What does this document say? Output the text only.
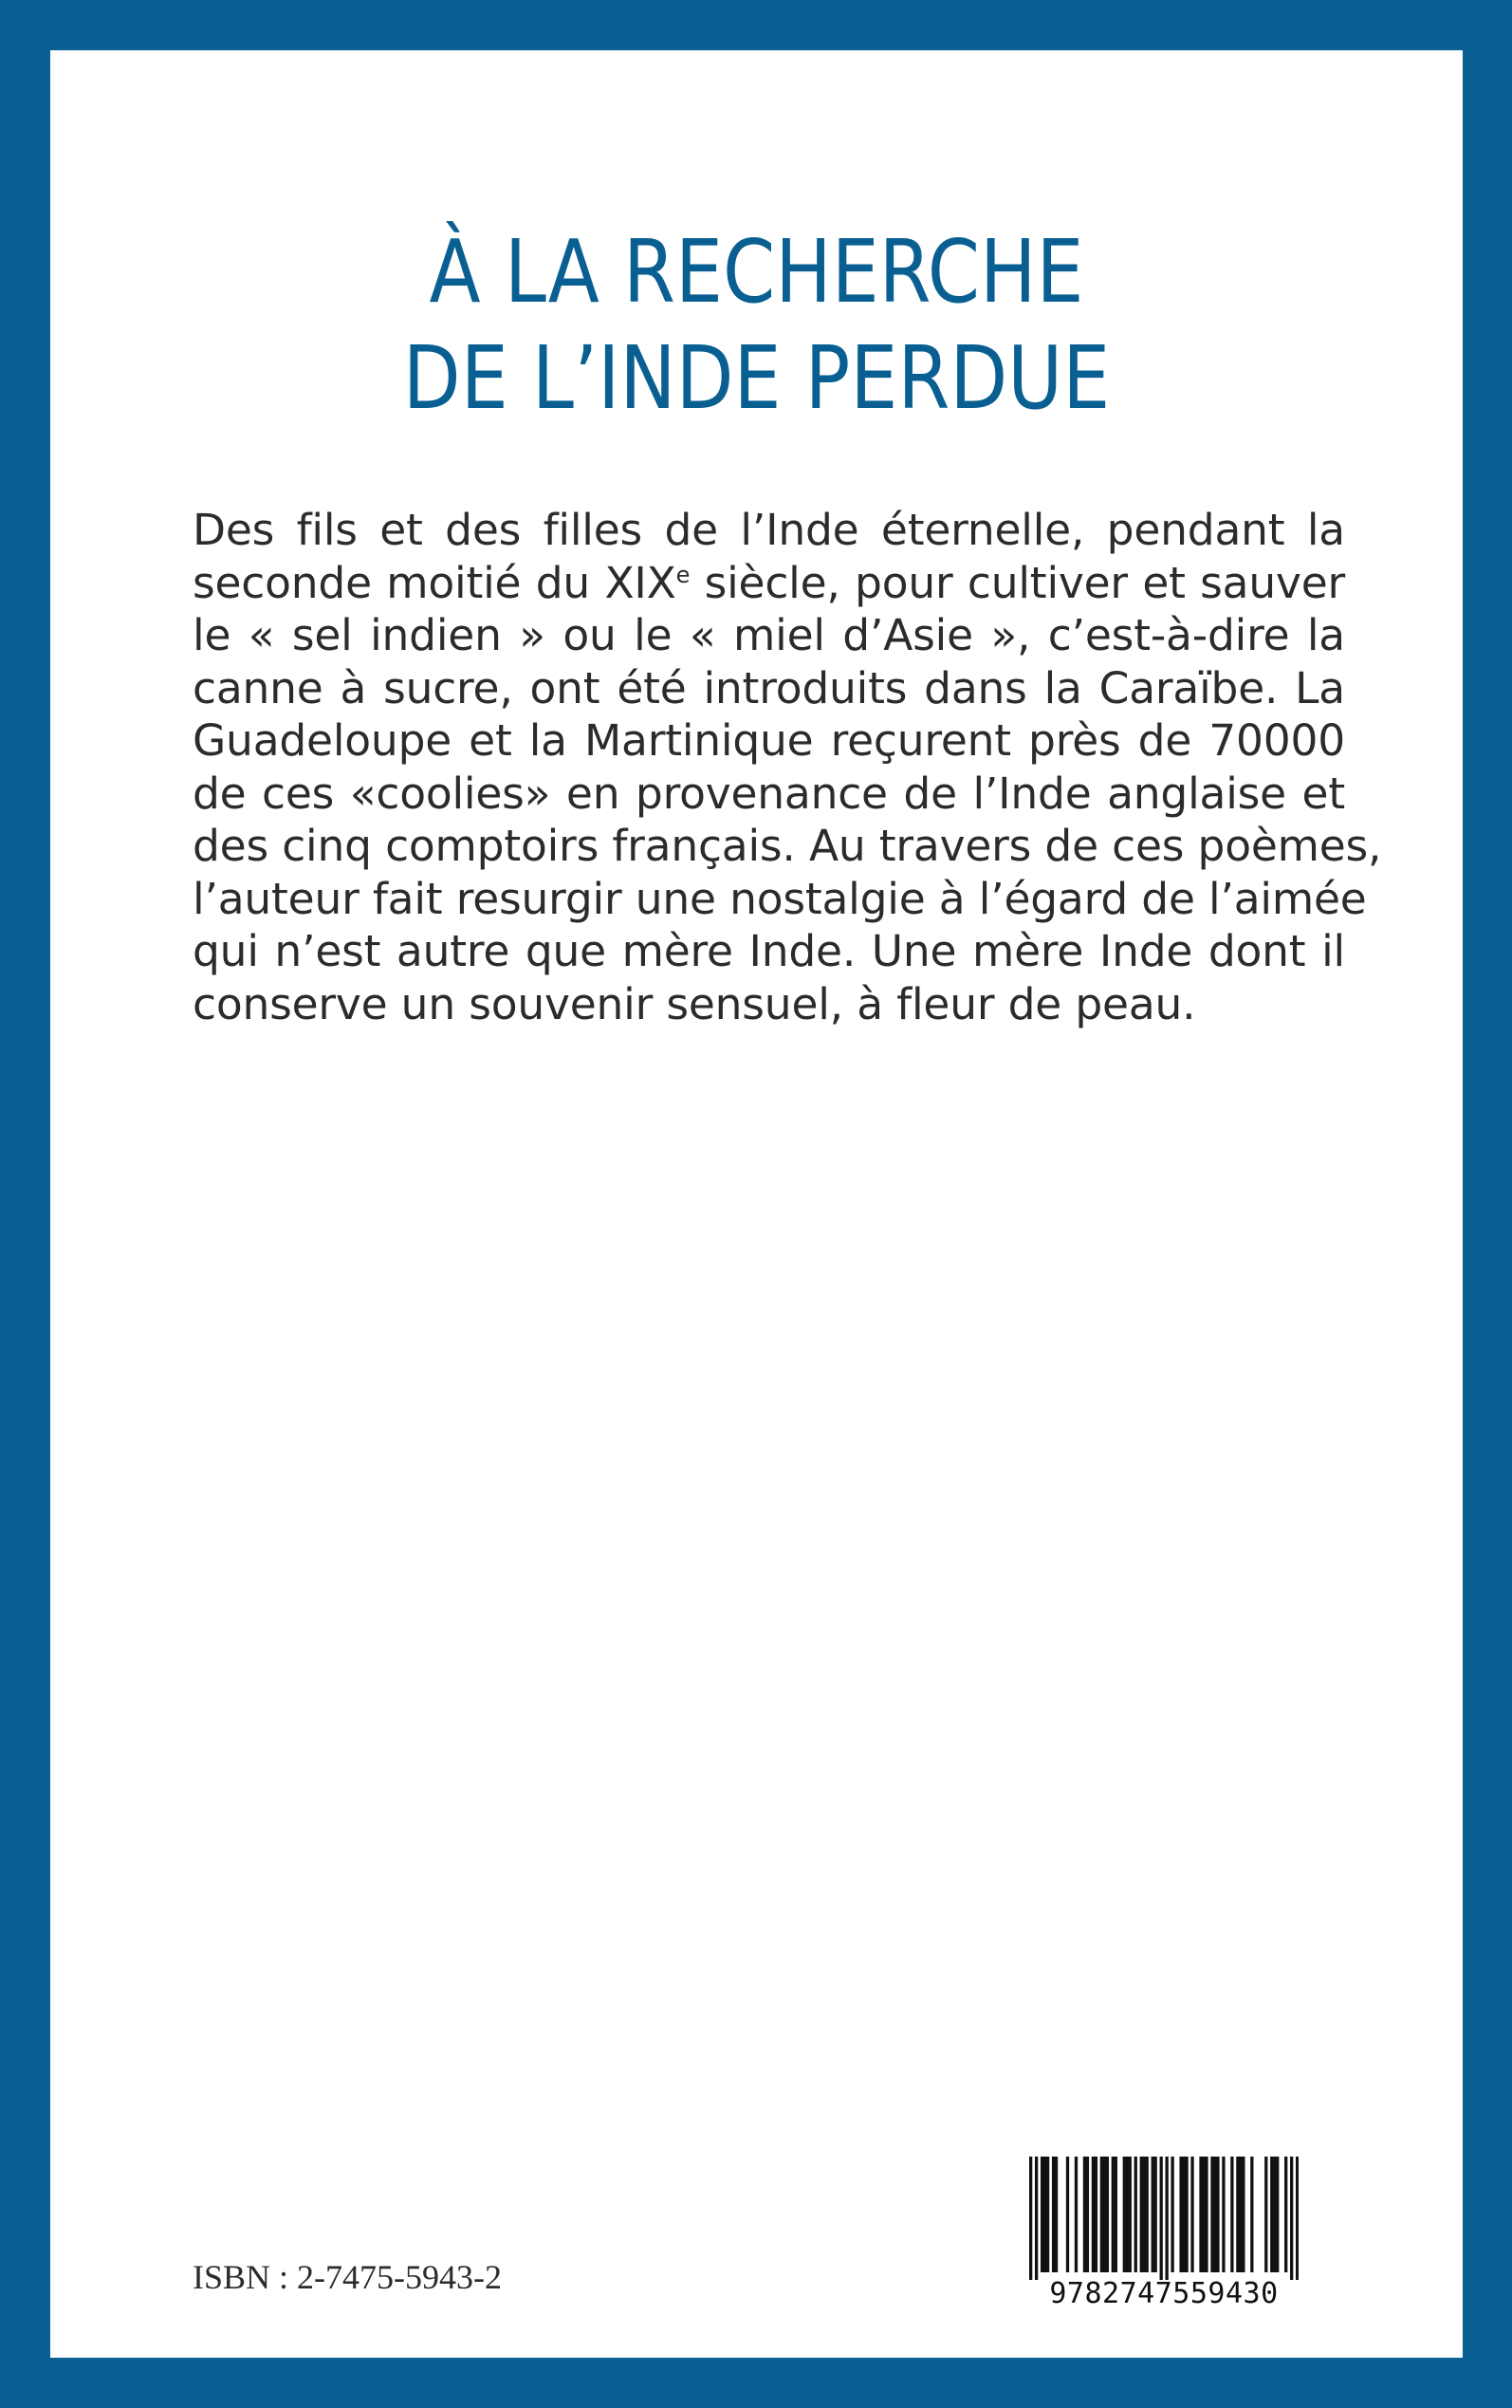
À LA RECHERCHE
DE L’INDE PERDUE
Des fils et des filles de l’Inde éternelle, pendant la
seconde moitié du XIXe siècle, pour cultiver et sauver
le « sel indien » ou le « miel d’Asie », c’est-à-dire la
canne à sucre, ont été introduits dans la Caraïbe. La
Guadeloupe et la Martinique reçurent près de 70000
de ces «coolies» en provenance de l’Inde anglaise et
des cinq comptoirs français. Au travers de ces poèmes,
l’auteur fait resurgir une nostalgie à l’égard de l’aimée
qui n’est autre que mère Inde. Une mère Inde dont il
conserve un souvenir sensuel, à fleur de peau.
ISBN : 2-7475-5943-2	9782747559430
